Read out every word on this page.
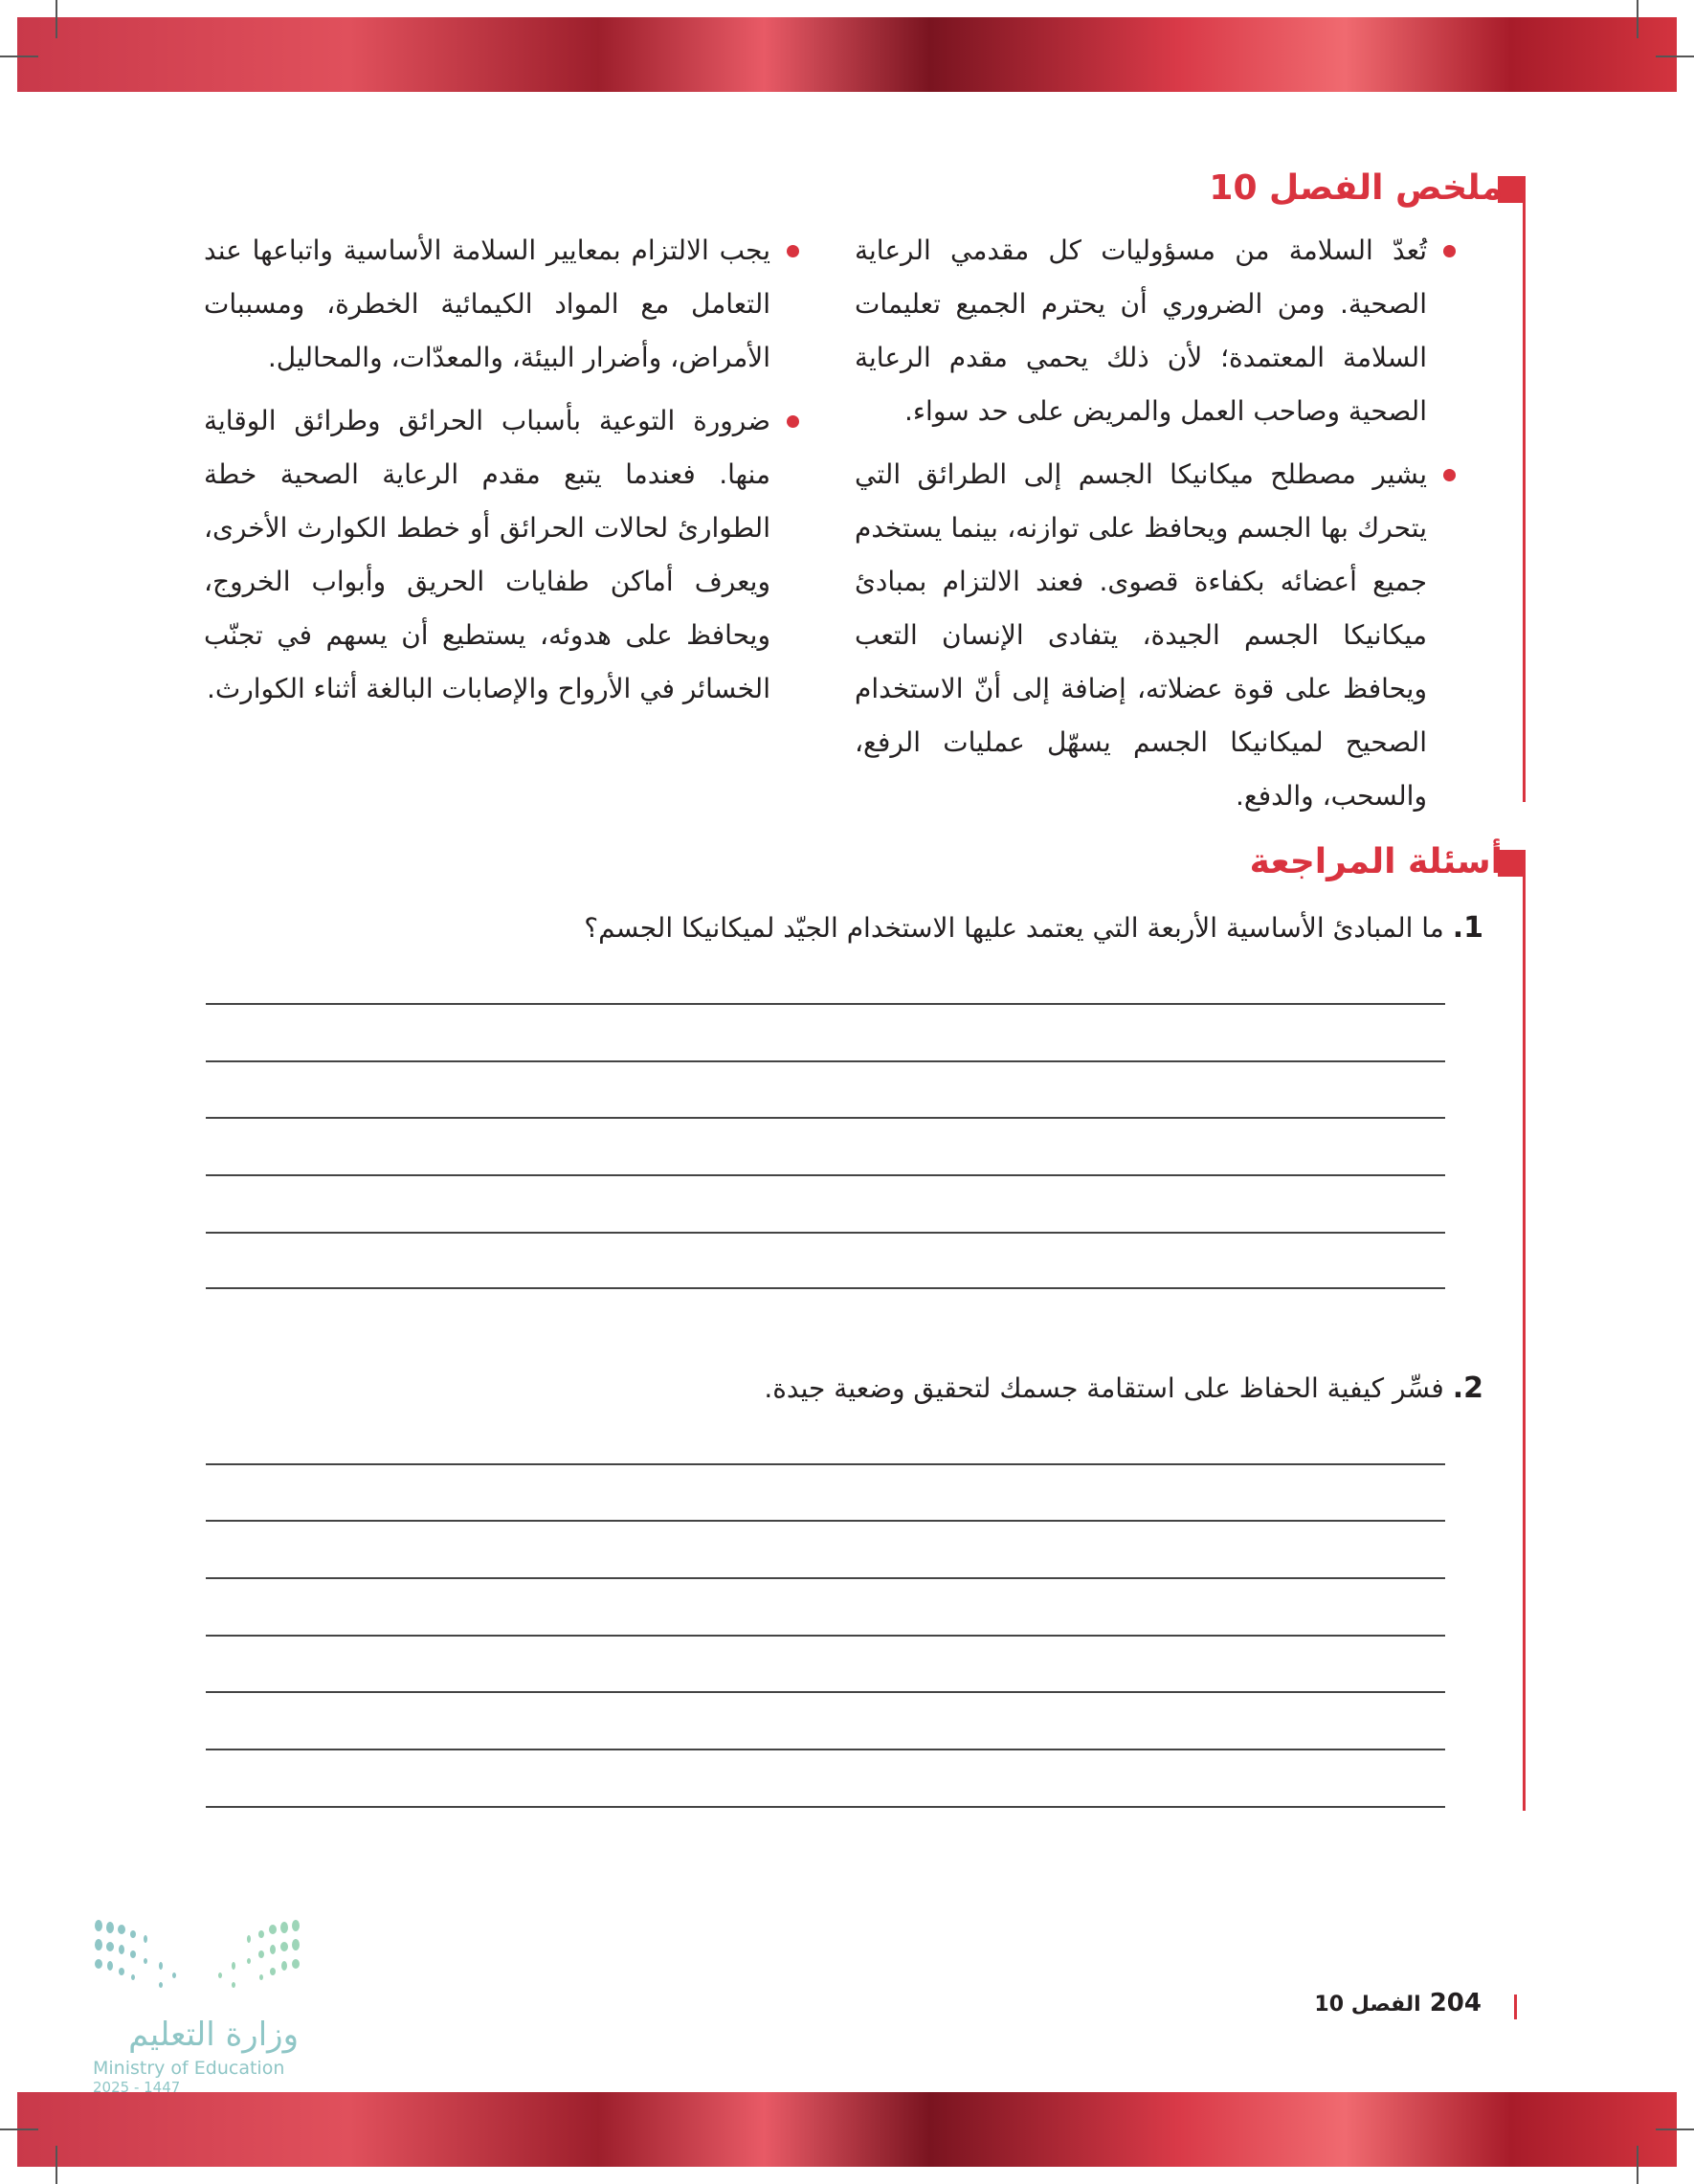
ملخص الفصل 10
تُعدّ السلامة من مسؤوليات كل مقدمي الرعاية الصحية. ومن الضروري أن يحترم الجميع تعليمات السلامة المعتمدة؛ لأن ذلك يحمي مقدم الرعاية الصحية وصاحب العمل والمريض على حد سواء.
يشير مصطلح ميكانيكا الجسم إلى الطرائق التي يتحرك بها الجسم ويحافظ على توازنه، بينما يستخدم جميع أعضائه بكفاءة قصوى. فعند الالتزام بمبادئ ميكانيكا الجسم الجيدة، يتفادى الإنسان التعب ويحافظ على قوة عضلاته، إضافة إلى أنّ الاستخدام الصحيح لميكانيكا الجسم يسهّل عمليات الرفع، والسحب، والدفع.
يجب الالتزام بمعايير السلامة الأساسية واتباعها عند التعامل مع المواد الكيمائية الخطرة، ومسببات الأمراض، وأضرار البيئة، والمعدّات، والمحاليل.
ضرورة التوعية بأسباب الحرائق وطرائق الوقاية منها. فعندما يتبع مقدم الرعاية الصحية خطة الطوارئ لحالات الحرائق أو خطط الكوارث الأخرى، ويعرف أماكن طفايات الحريق وأبواب الخروج، ويحافظ على هدوئه، يستطيع أن يسهم في تجنّب الخسائر في الأرواح والإصابات البالغة أثناء الكوارث.
أسئلة المراجعة
1. ما المبادئ الأساسية الأربعة التي يعتمد عليها الاستخدام الجيّد لميكانيكا الجسم؟
2. فسِّر كيفية الحفاظ على استقامة جسمك لتحقيق وضعية جيدة.
204 الفصل 10
وزارة التعليم
Ministry of Education
2025 - 1447
